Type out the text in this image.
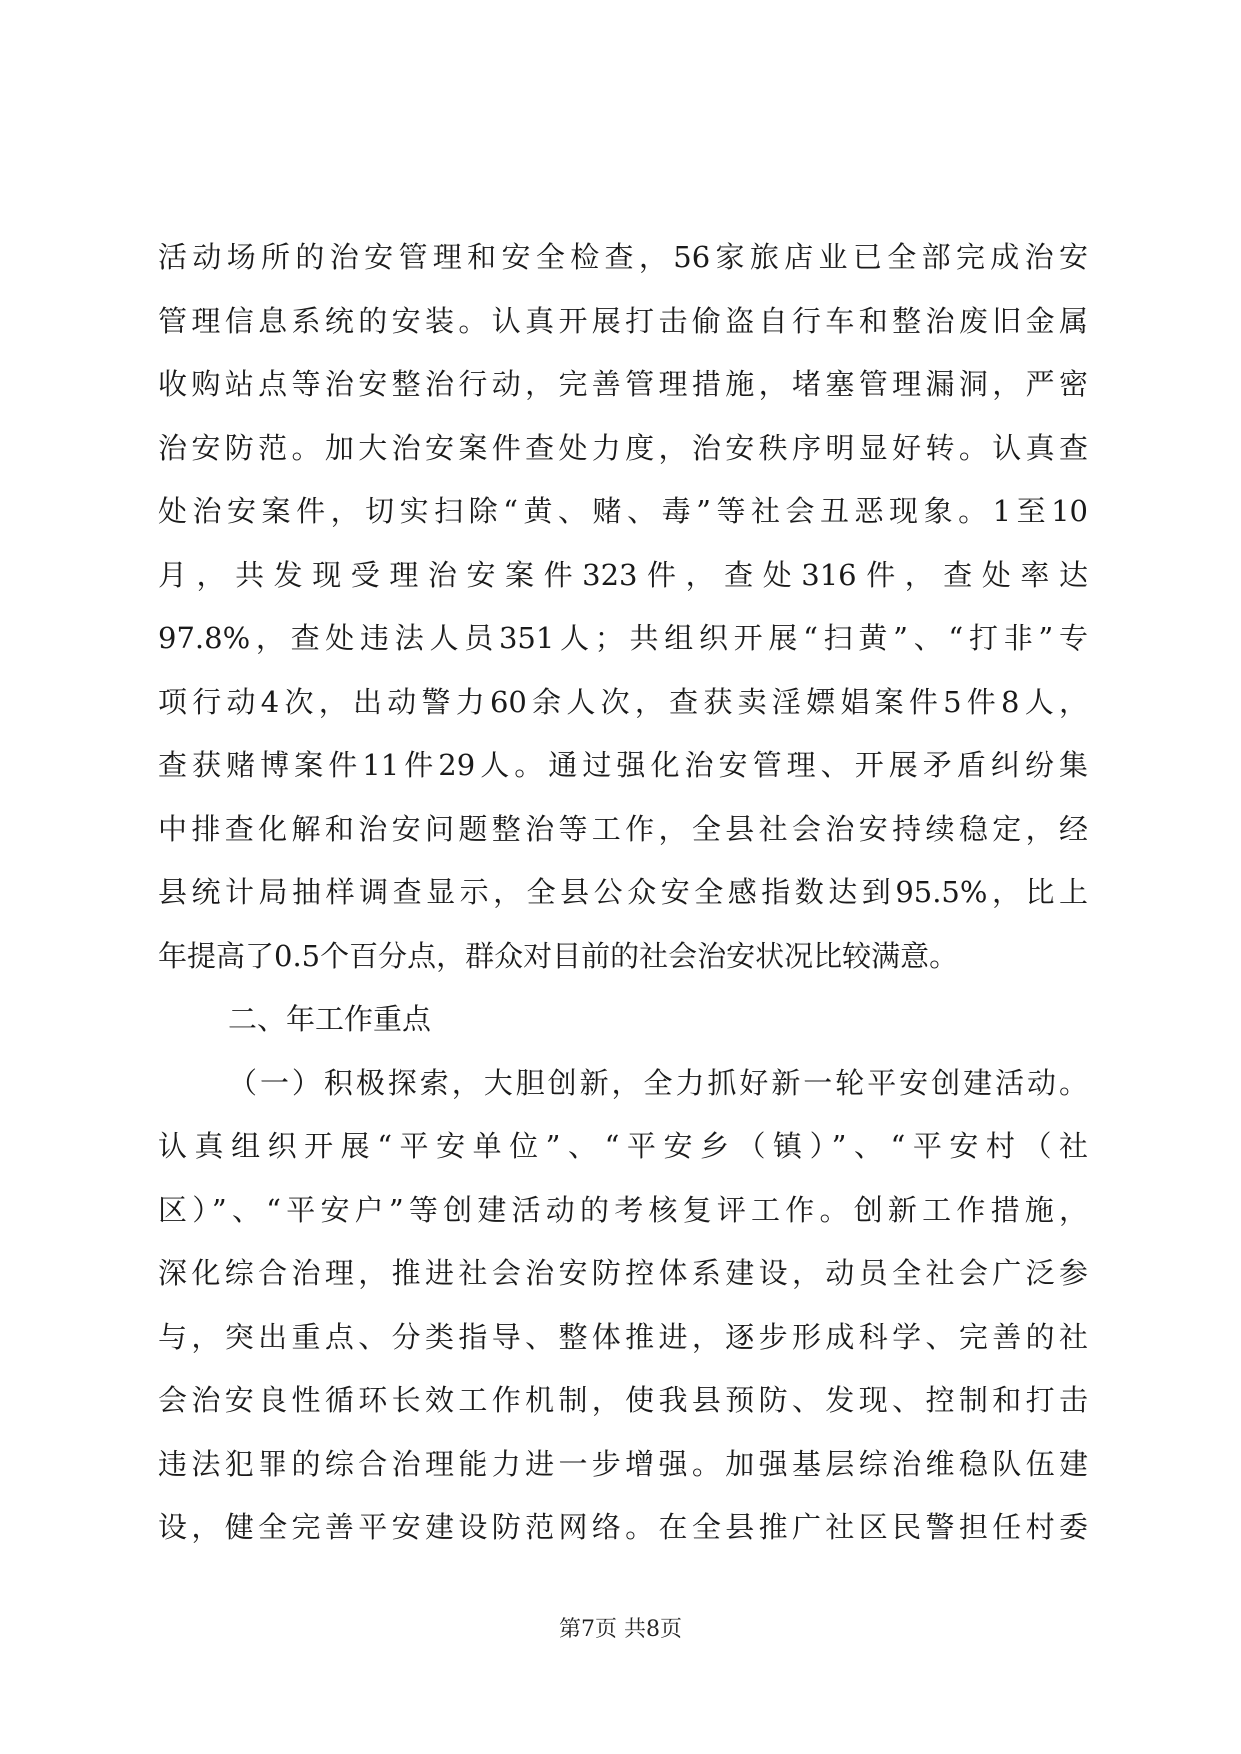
活动场所的治安管理和安全检查，56家旅店业已全部完成治安
管理信息系统的安装。认真开展打击偷盗自行车和整治废旧金属
收购站点等治安整治行动，完善管理措施，堵塞管理漏洞，严密
治安防范。加大治安案件查处力度，治安秩序明显好转。认真查
处治安案件，切实扫除“黄、赌、毒”等社会丑恶现象。1至10
月，共发现受理治安案件323件，查处316件，查处率达
97.8%，查处违法人员351人；共组织开展“扫黄”、“打非”专
项行动4次，出动警力60余人次，查获卖淫嫖娼案件5件8人，
查获赌博案件11件29人。通过强化治安管理、开展矛盾纠纷集
中排查化解和治安问题整治等工作，全县社会治安持续稳定，经
县统计局抽样调查显示，全县公众安全感指数达到95.5%，比上
年提高了0.5个百分点，群众对目前的社会治安状况比较满意。
二、年工作重点
（一）积极探索，大胆创新，全力抓好新一轮平安创建活动。
认真组织开展“平安单位”、“平安乡（镇）”、“平安村（社
区）”、“平安户”等创建活动的考核复评工作。创新工作措施，
深化综合治理，推进社会治安防控体系建设，动员全社会广泛参
与，突出重点、分类指导、整体推进，逐步形成科学、完善的社
会治安良性循环长效工作机制，使我县预防、发现、控制和打击
违法犯罪的综合治理能力进一步增强。加强基层综治维稳队伍建
设，健全完善平安建设防范网络。在全县推广社区民警担任村委
第7页 共8页
